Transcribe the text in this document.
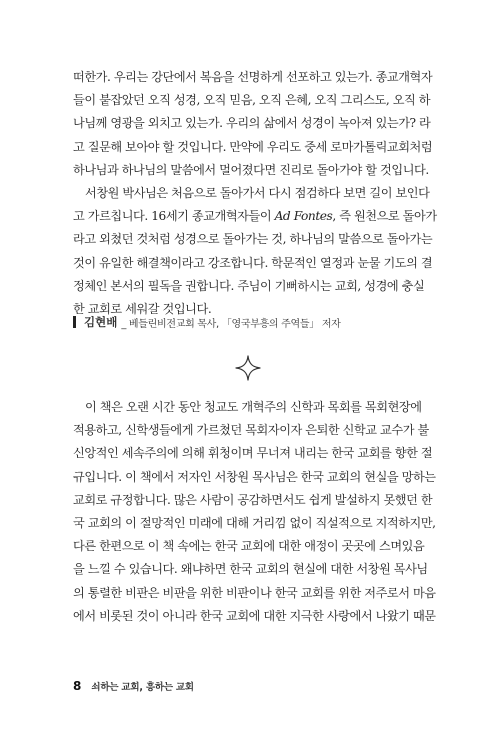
떠한가. 우리는 강단에서 복음을 선명하게 선포하고 있는가. 종교개혁자
들이 붙잡았던 오직 성경, 오직 믿음, 오직 은혜, 오직 그리스도, 오직 하
나님께 영광을 외치고 있는가. 우리의 삶에서 성경이 녹아져 있는가? 라
고 질문해 보아야 할 것입니다. 만약에 우리도 중세 로마가톨릭교회처럼
하나님과 하나님의 말씀에서 멀어졌다면 진리로 돌아가야 할 것입니다.

서창원 박사님은 처음으로 돌아가서 다시 점검하다 보면 길이 보인다
고 가르칩니다. 16세기 종교개혁자들이 Ad Fontes, 즉 원천으로 돌아가
라고 외쳤던 것처럼 성경으로 돌아가는 것, 하나님의 말씀으로 돌아가는
것이 유일한 해결책이라고 강조합니다. 학문적인 열정과 눈물 기도의 결
정체인 본서의 필독을 권합니다. 주님이 기뻐하시는 교회, 성경에 충실
한 교회로 세워갈 것입니다.

김현배 _ 베들린비전교회 목사, 「영국부흥의 주역들」 저자

이 책은 오랜 시간 동안 청교도 개혁주의 신학과 목회를 목회현장에
적용하고, 신학생들에게 가르쳤던 목회자이자 은퇴한 신학교 교수가 불
신앙적인 세속주의에 의해 휘청이며 무너져 내리는 한국 교회를 향한 절
규입니다. 이 책에서 저자인 서창원 목사님은 한국 교회의 현실을 망하는
교회로 규정합니다. 많은 사람이 공감하면서도 쉽게 발설하지 못했던 한
국 교회의 이 절망적인 미래에 대해 거리낌 없이 직설적으로 지적하지만,
다른 한편으로 이 책 속에는 한국 교회에 대한 애정이 곳곳에 스며있음
을 느낄 수 있습니다. 왜냐하면 한국 교회의 현실에 대한 서창원 목사님
의 통렬한 비판은 비판을 위한 비판이나 한국 교회를 위한 저주로서 마음
에서 비롯된 것이 아니라 한국 교회에 대한 지극한 사랑에서 나왔기 때문

8 쇠하는 교회, 흥하는 교회
